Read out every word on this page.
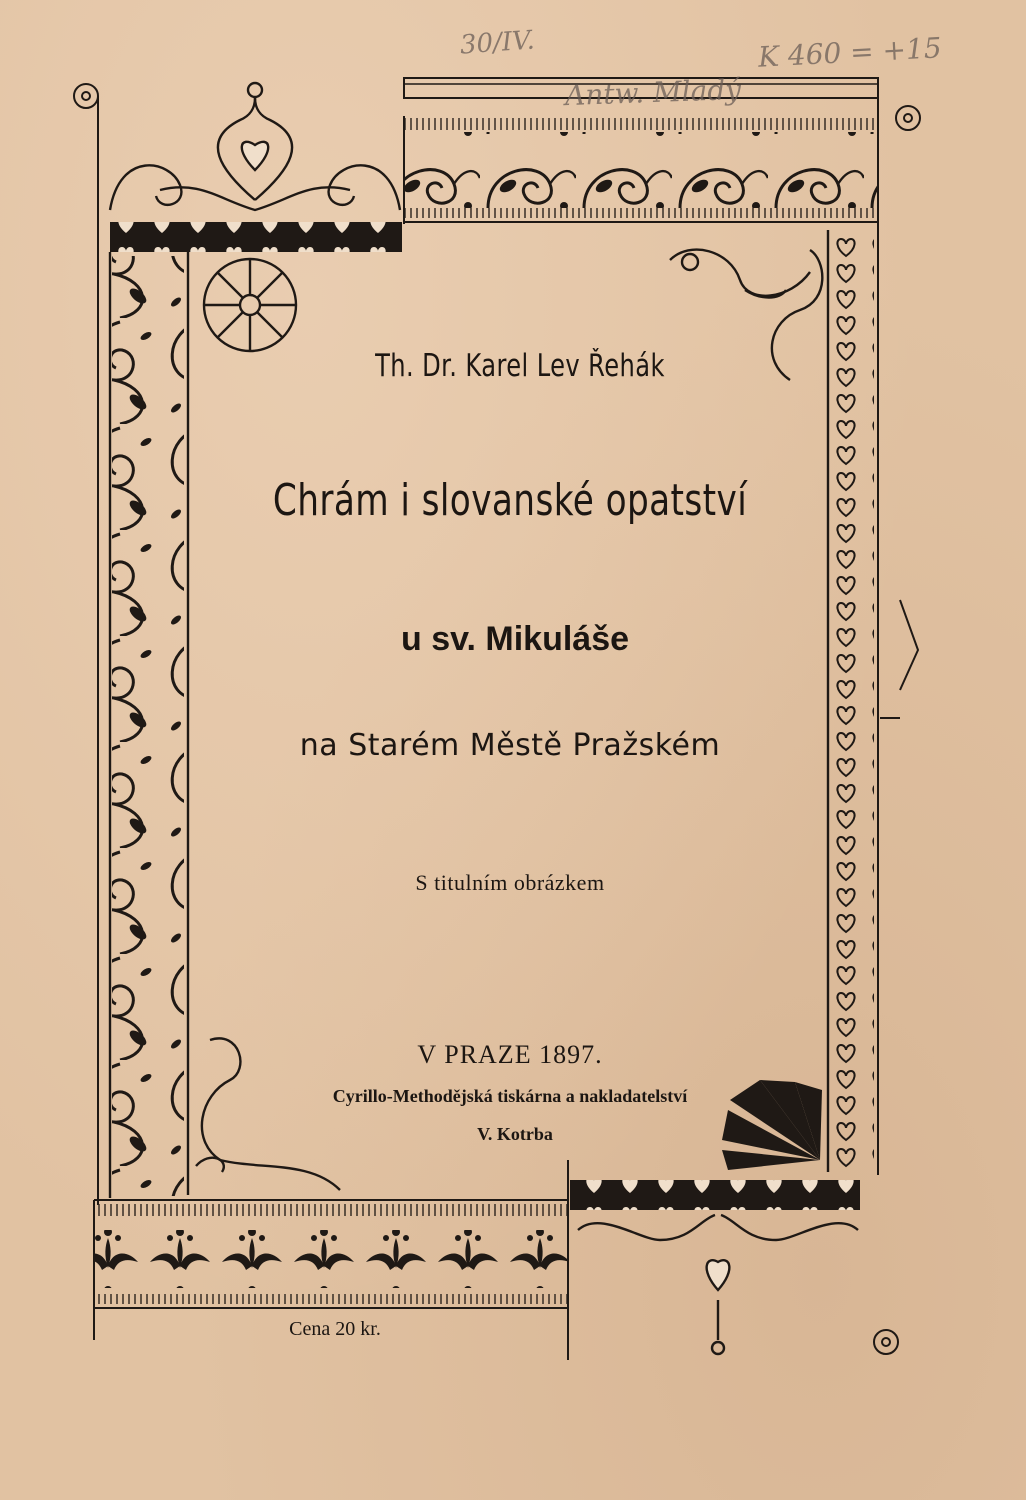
30/IV.
Antw. Mladý
K 460 = +15
Th. Dr. Karel Lev Řehák
Chrám i slovanské opatství
u sv. Mikuláše
na Starém Městě Pražském
S titulním obrázkem
V PRAZE 1897.
Cyrillo-Methodějská tiskárna a nakladatelství
V. Kotrba
Cena 20 kr.
